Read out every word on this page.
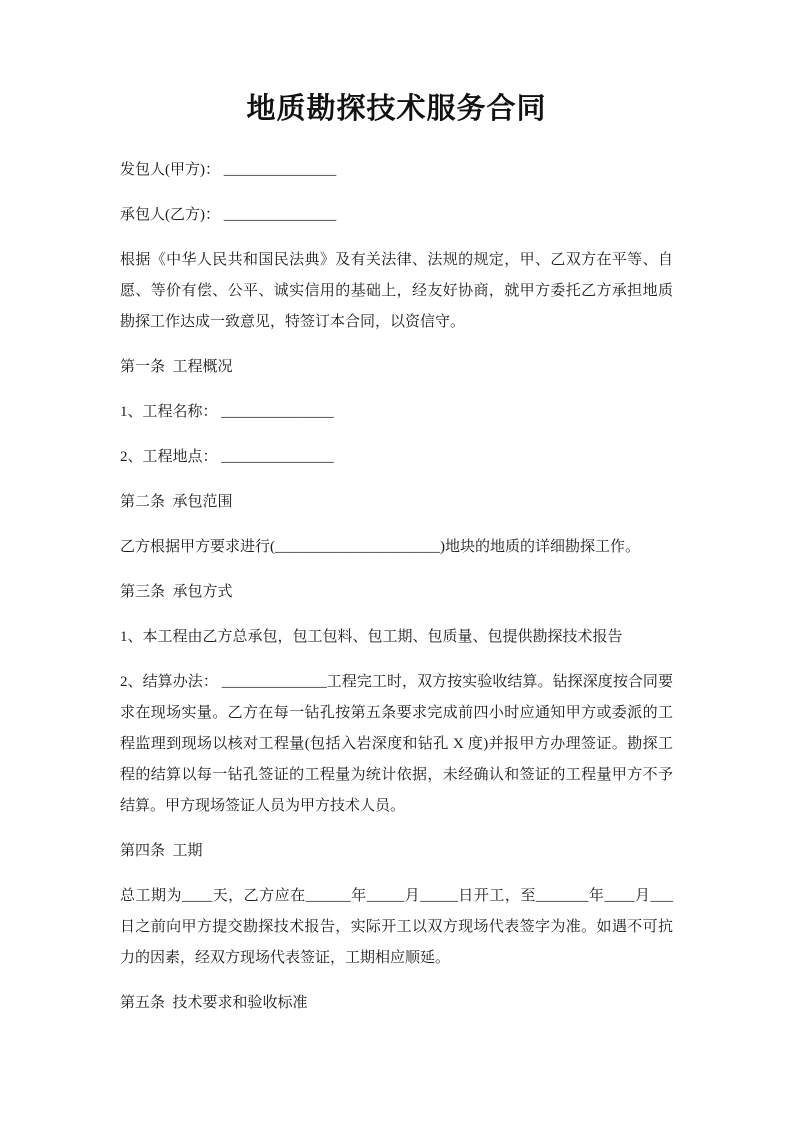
地质勘探技术服务合同

发包人(甲方)： _______________

承包人(乙方)： _______________

根据《中华人民共和国民法典》及有关法律、法规的规定，甲、乙双方在平等、自愿、等价有偿、公平、诚实信用的基础上，经友好协商，就甲方委托乙方承担地质勘探工作达成一致意见，特签订本合同，以资信守。

第一条  工程概况

1、工程名称： _______________

2、工程地点： _______________

第二条  承包范围

乙方根据甲方要求进行(______________________)地块的地质的详细勘探工作。

第三条  承包方式

1、本工程由乙方总承包，包工包料、包工期、包质量、包提供勘探技术报告

2、结算办法： ______________工程完工时，双方按实验收结算。钻探深度按合同要求在现场实量。乙方在每一钻孔按第五条要求完成前四小时应通知甲方或委派的工程监理到现场以核对工程量(包括入岩深度和钻孔 X 度)并报甲方办理签证。勘探工程的结算以每一钻孔签证的工程量为统计依据，未经确认和签证的工程量甲方不予结算。甲方现场签证人员为甲方技术人员。

第四条  工期

总工期为____天，乙方应在______年_____月_____日开工，至_______年____月___日之前向甲方提交勘探技术报告，实际开工以双方现场代表签字为准。如遇不可抗力的因素，经双方现场代表签证，工期相应顺延。

第五条  技术要求和验收标准
